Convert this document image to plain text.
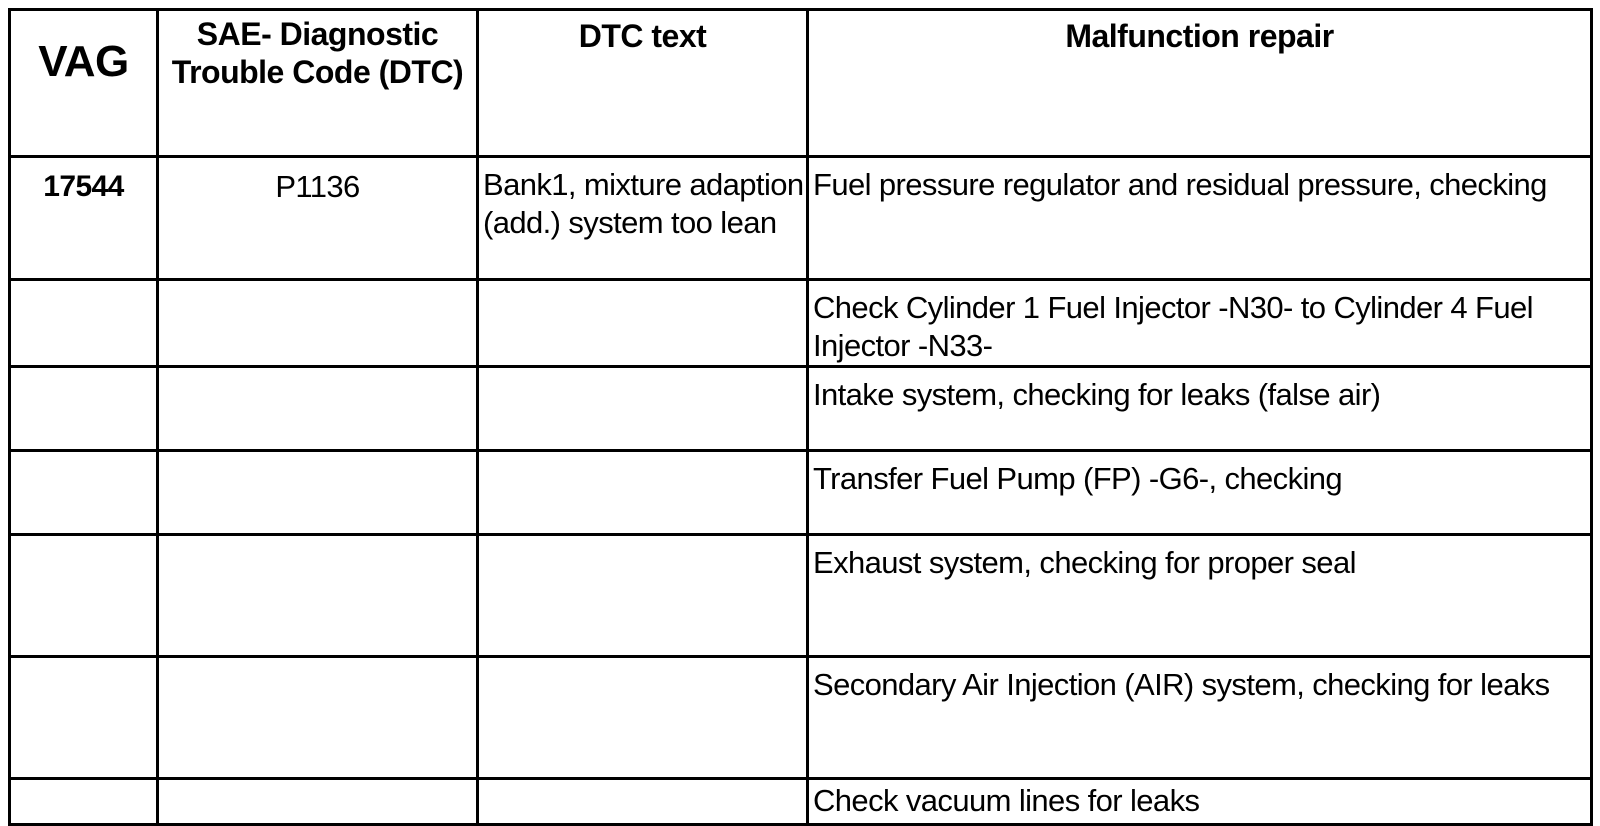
VAG	SAE- Diagnostic Trouble Code (DTC)	DTC text	Malfunction repair
17544	P1136	Bank1, mixture adaption (add.) system too lean	Fuel pressure regulator and residual pressure, checking
			Check Cylinder 1 Fuel Injector -N30- to Cylinder 4 Fuel Injector -N33-
			Intake system, checking for leaks (false air)
			Transfer Fuel Pump (FP) -G6-, checking
			Exhaust system, checking for proper seal
			Secondary Air Injection (AIR) system, checking for leaks
			Check vacuum lines for leaks
